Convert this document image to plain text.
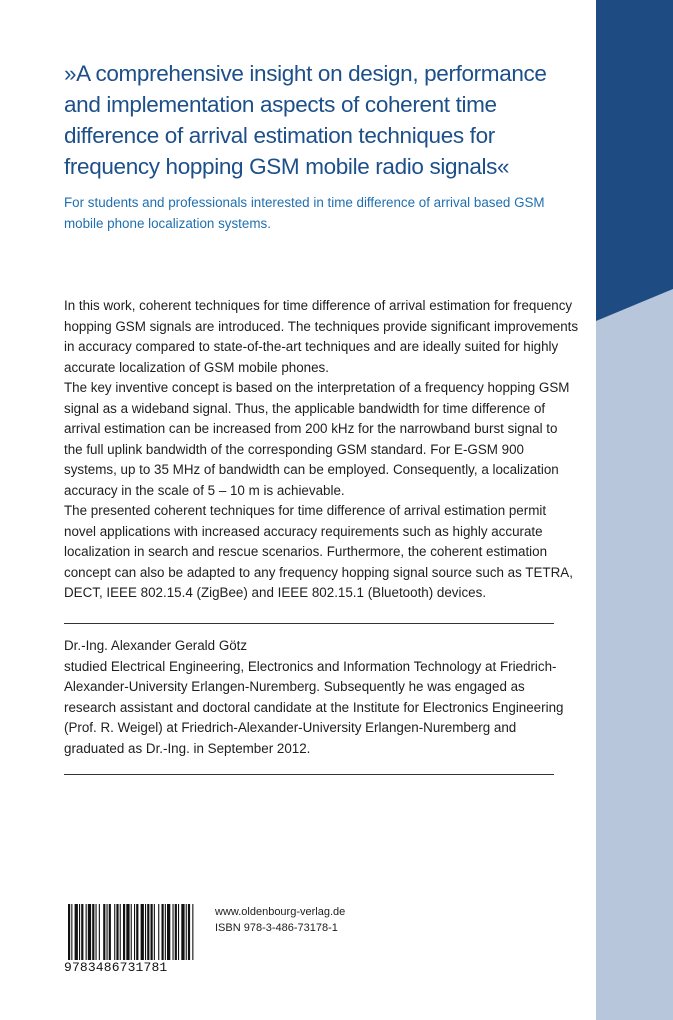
»A comprehensive insight on design, performance and implementation aspects of coherent time difference of arrival estimation techniques for frequency hopping GSM mobile radio signals«

For students and professionals interested in time difference of arrival based GSM mobile phone localization systems.

In this work, coherent techniques for time difference of arrival estimation for frequency hopping GSM signals are introduced. The techniques provide significant improvements in accuracy compared to state-of-the-art techniques and are ideally suited for highly accurate localization of GSM mobile phones.

The key inventive concept is based on the interpretation of a frequency hopping GSM signal as a wideband signal. Thus, the applicable bandwidth for time difference of arrival estimation can be increased from 200 kHz for the narrowband burst signal to the full uplink bandwidth of the corresponding GSM standard. For E-GSM 900 systems, up to 35 MHz of bandwidth can be employed. Consequently, a localization accuracy in the scale of 5 – 10 m is achievable.

The presented coherent techniques for time difference of arrival estimation permit novel applications with increased accuracy requirements such as highly accurate localization in search and rescue scenarios. Furthermore, the coherent estimation concept can also be adapted to any frequency hopping signal source such as TETRA, DECT, IEEE 802.15.4 (ZigBee) and IEEE 802.15.1 (Bluetooth) devices.

Dr.-Ing. Alexander Gerald Götz

studied Electrical Engineering, Electronics and Information Technology at Friedrich-Alexander-University Erlangen-Nuremberg. Subsequently he was engaged as research assistant and doctoral candidate at the Institute for Electronics Engineering (Prof. R. Weigel) at Friedrich-Alexander-University Erlangen-Nuremberg and graduated as Dr.-Ing. in September 2012.

9783486731781
www.oldenbourg-verlag.de
ISBN 978-3-486-73178-1
